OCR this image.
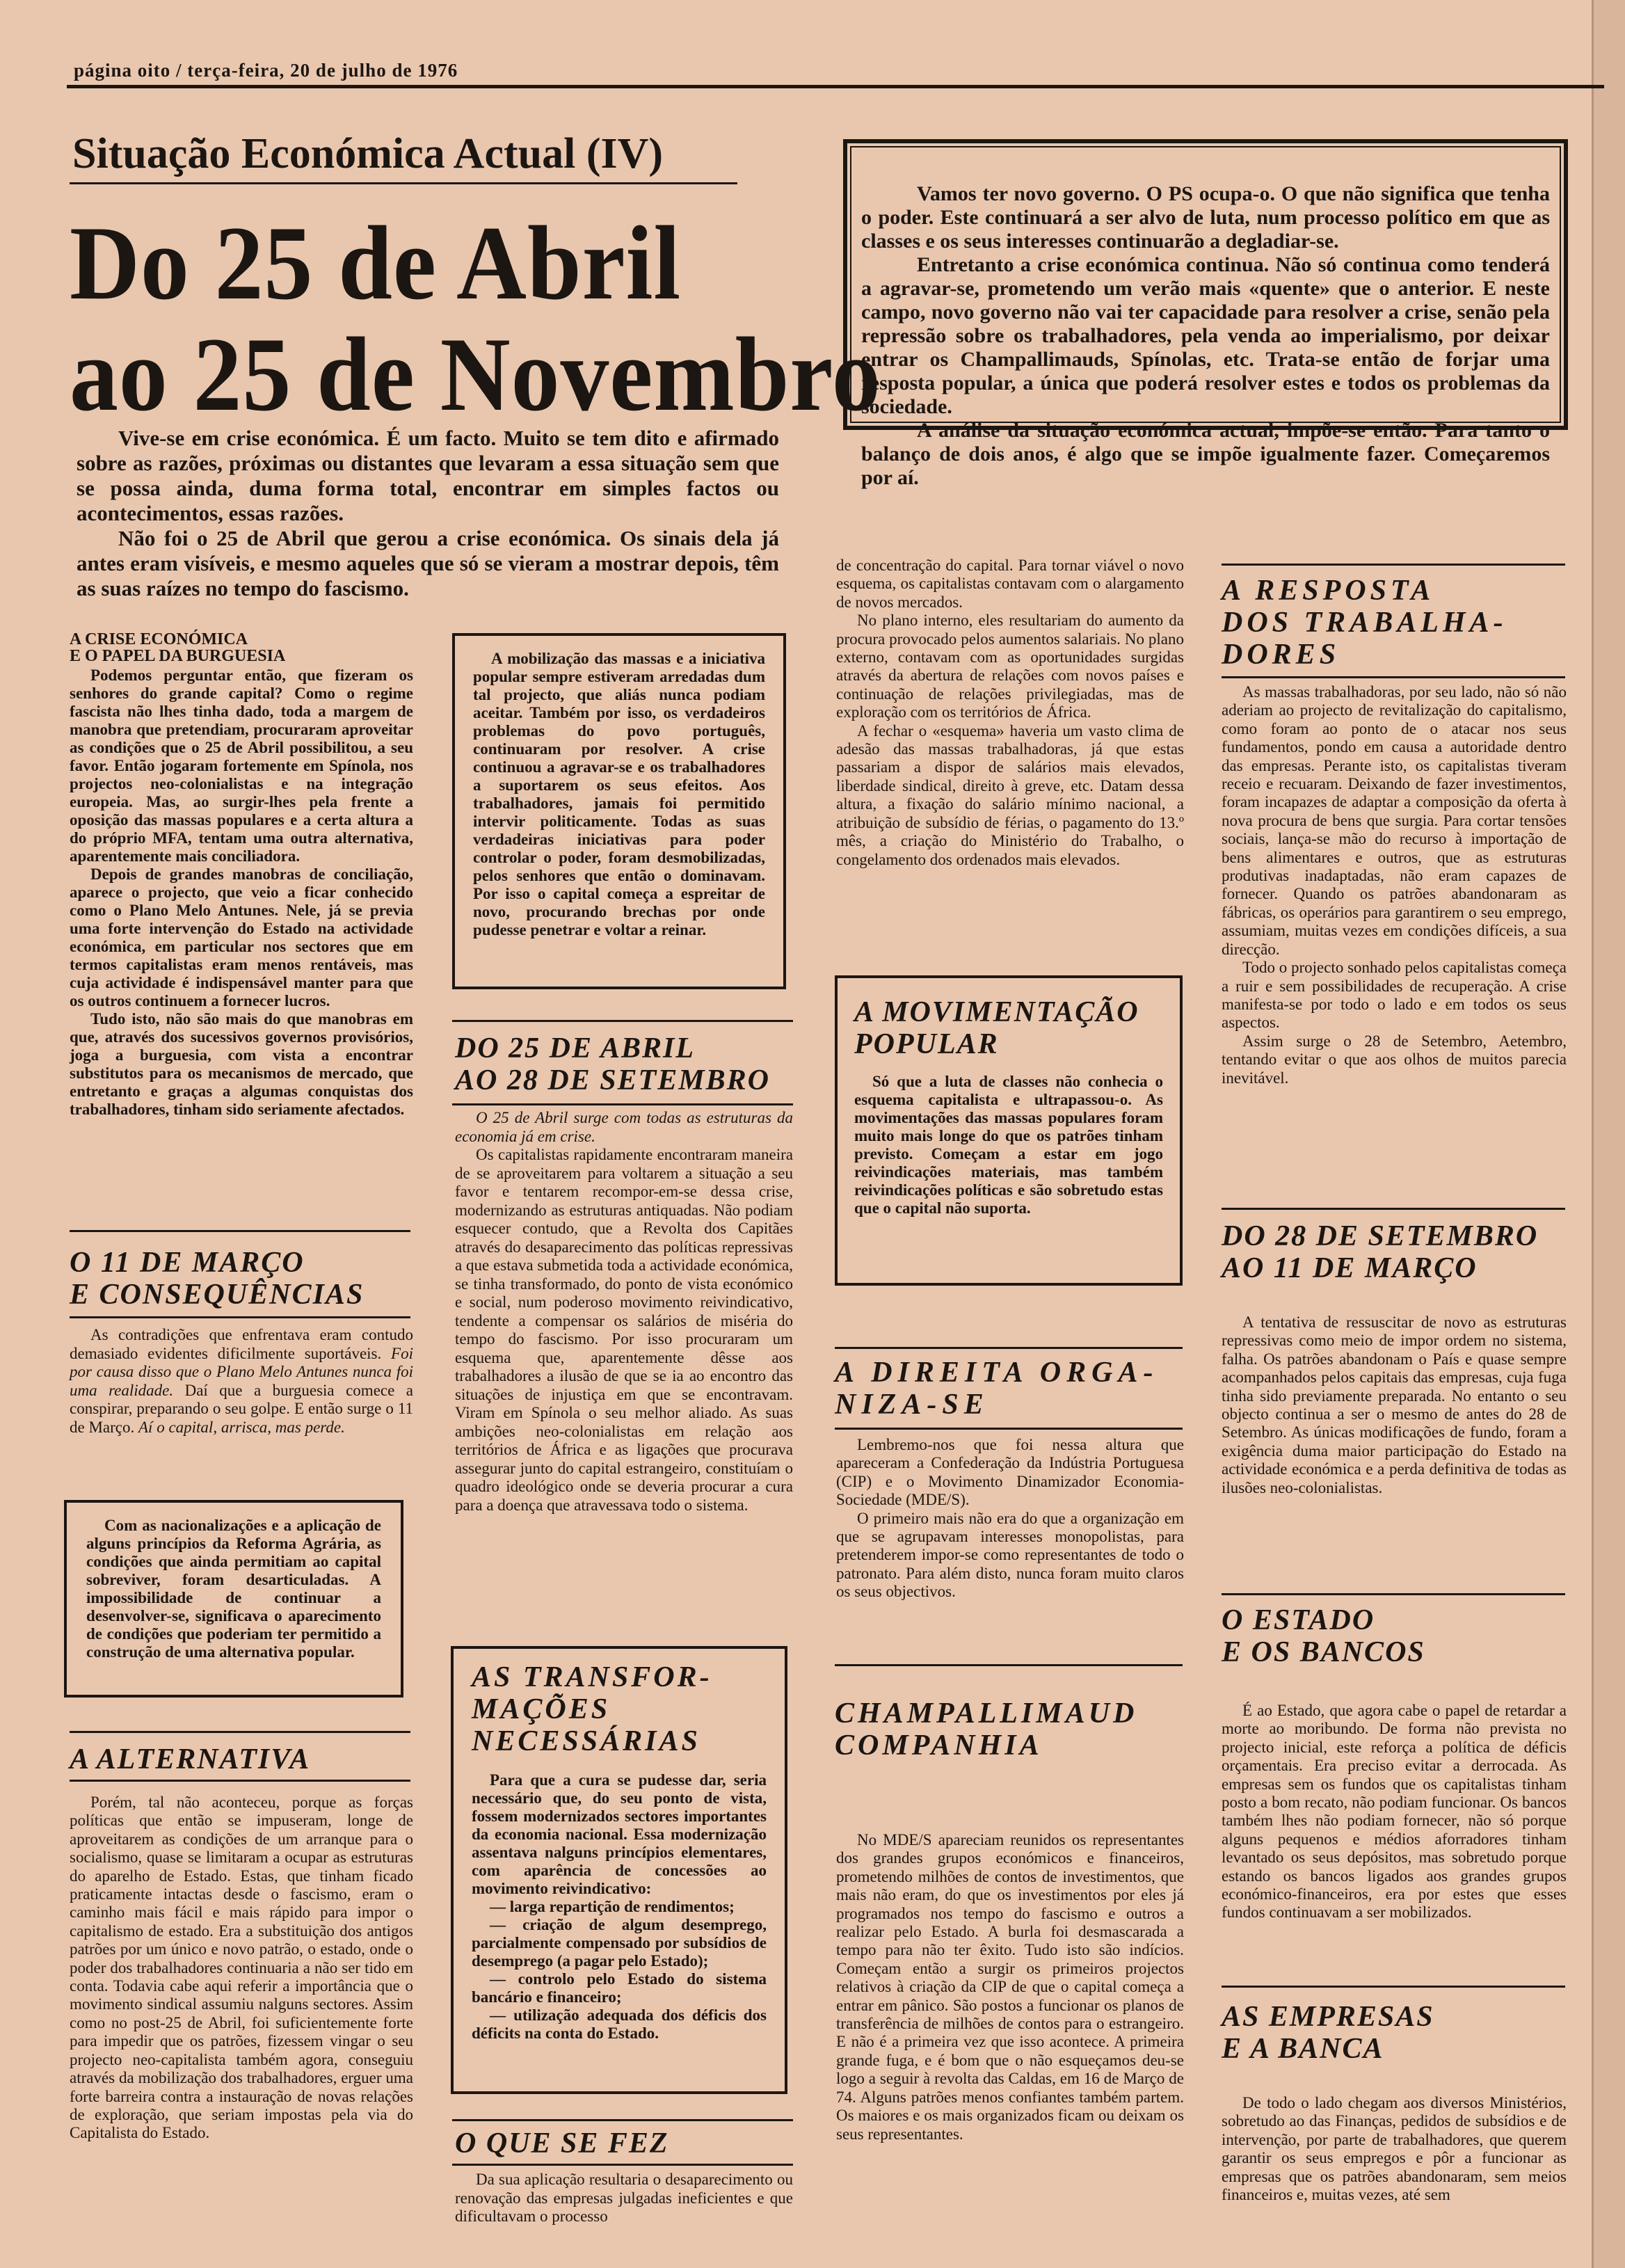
página oito / terça-feira, 20 de julho de 1976
Situação Económica Actual (IV)
Do 25 de Abril
ao 25 de Novembro

Vive-se em crise económica. É um facto. Muito se tem dito e afirmado sobre as razões, próximas ou distantes que levaram a essa situação sem que se possa ainda, duma forma total, encontrar em simples factos ou acontecimentos, essas razões.

Não foi o 25 de Abril que gerou a crise económica. Os sinais dela já antes eram visíveis, e mesmo aqueles que só se vieram a mostrar depois, têm as suas raízes no tempo do fascismo.

Vamos ter novo governo. O PS ocupa-o. O que não significa que tenha o poder. Este continuará a ser alvo de luta, num processo político em que as classes e os seus interesses continuarão a degladiar-se.

Entretanto a crise económica continua. Não só continua como tenderá a agravar-se, prometendo um verão mais «quente» que o anterior. E neste campo, novo governo não vai ter capacidade para resolver a crise, senão pela repressão sobre os trabalhadores, pela venda ao imperialismo, por deixar entrar os Champallimauds, Spínolas, etc. Trata-se então de forjar uma resposta popular, a única que poderá resolver estes e todos os problemas da sociedade.

A análise da situação económica actual, impõe-se então. Para tanto o balanço de dois anos, é algo que se impõe igualmente fazer. Começaremos por aí.

A CRISE ECONÓMICA
E O PAPEL DA BURGUESIA

Podemos perguntar então, que fizeram os senhores do grande capital? Como o regime fascista não lhes tinha dado, toda a margem de manobra que pretendiam, procuraram aproveitar as condições que o 25 de Abril possibilitou, a seu favor. Então jogaram fortemente em Spínola, nos projectos neo-colonialistas e na integração europeia. Mas, ao surgir-lhes pela frente a oposição das massas populares e a certa altura a do próprio MFA, tentam uma outra alternativa, aparentemente mais conciliadora.

Depois de grandes manobras de conciliação, aparece o projecto, que veio a ficar conhecido como o Plano Melo Antunes. Nele, já se previa uma forte intervenção do Estado na actividade económica, em particular nos sectores que em termos capitalistas eram menos rentáveis, mas cuja actividade é indispensável manter para que os outros continuem a fornecer lucros.

Tudo isto, não são mais do que manobras em que, através dos sucessivos governos provisórios, joga a burguesia, com vista a encontrar substitutos para os mecanismos de mercado, que entretanto e graças a algumas conquistas dos trabalhadores, tinham sido seriamente afectados.

O 11 DE MARÇO
E CONSEQUÊNCIAS

As contradições que enfrentava eram contudo demasiado evidentes dificilmente suportáveis. Foi por causa disso que o Plano Melo Antunes nunca foi uma realidade. Daí que a burguesia comece a conspirar, preparando o seu golpe. E então surge o 11 de Março. Aí o capital, arrisca, mas perde.

Com as nacionalizações e a aplicação de alguns princípios da Reforma Agrária, as condições que ainda permitiam ao capital sobreviver, foram desarticuladas. A impossibilidade de continuar a desenvolver-se, significava o aparecimento de condições que poderiam ter permitido a construção de uma alternativa popular.

A ALTERNATIVA

Porém, tal não aconteceu, porque as forças políticas que então se impuseram, longe de aproveitarem as condições de um arranque para o socialismo, quase se limitaram a ocupar as estruturas do aparelho de Estado. Estas, que tinham ficado praticamente intactas desde o fascismo, eram o caminho mais fácil e mais rápido para impor o capitalismo de estado. Era a substituição dos antigos patrões por um único e novo patrão, o estado, onde o poder dos trabalhadores continuaria a não ser tido em conta. Todavia cabe aqui referir a importância que o movimento sindical assumiu nalguns sectores. Assim como no post-25 de Abril, foi suficientemente forte para impedir que os patrões, fizessem vingar o seu projecto neo-capitalista também agora, conseguiu através da mobilização dos trabalhadores, erguer uma forte barreira contra a instauração de novas relações de exploração, que seriam impostas pela via do Capitalista do Estado.

A mobilização das massas e a iniciativa popular sempre estiveram arredadas dum tal projecto, que aliás nunca podiam aceitar. Também por isso, os verdadeiros problemas do povo português, continuaram por resolver. A crise continuou a agravar-se e os trabalhadores a suportarem os seus efeitos. Aos trabalhadores, jamais foi permitido intervir politicamente. Todas as suas verdadeiras iniciativas para poder controlar o poder, foram desmobilizadas, pelos senhores que então o dominavam. Por isso o capital começa a espreitar de novo, procurando brechas por onde pudesse penetrar e voltar a reinar.

DO 25 DE ABRIL
AO 28 DE SETEMBRO

O 25 de Abril surge com todas as estruturas da economia já em crise.

Os capitalistas rapidamente encontraram maneira de se aproveitarem para voltarem a situação a seu favor e tentarem recompor-em-se dessa crise, modernizando as estruturas antiquadas. Não podiam esquecer contudo, que a Revolta dos Capitães através do desaparecimento das políticas repressivas a que estava submetida toda a actividade económica, se tinha transformado, do ponto de vista económico e social, num poderoso movimento reivindicativo, tendente a compensar os salários de miséria do tempo do fascismo. Por isso procuraram um esquema que, aparentemente dêsse aos trabalhadores a ilusão de que se ia ao encontro das situações de injustiça em que se encontravam. Viram em Spínola o seu melhor aliado. As suas ambições neo-colonialistas em relação aos territórios de África e as ligações que procurava assegurar junto do capital estrangeiro, constituíam o quadro ideológico onde se deveria procurar a cura para a doença que atravessava todo o sistema.

AS TRANSFOR-
MAÇÕES
NECESSÁRIAS

Para que a cura se pudesse dar, seria necessário que, do seu ponto de vista, fossem modernizados sectores importantes da economia nacional. Essa modernização assentava nalguns princípios elementares, com aparência de concessões ao movimento reivindicativo:

— larga repartição de rendimentos;

— criação de algum desemprego, parcialmente compensado por subsídios de desemprego (a pagar pelo Estado);

— controlo pelo Estado do sistema bancário e financeiro;

— utilização adequada dos déficis dos déficits na conta do Estado.

O QUE SE FEZ

Da sua aplicação resultaria o desaparecimento ou renovação das empresas julgadas ineficientes e que dificultavam o processo

de concentração do capital. Para tornar viável o novo esquema, os capitalistas contavam com o alargamento de novos mercados.

No plano interno, eles resultariam do aumento da procura provocado pelos aumentos salariais. No plano externo, contavam com as oportunidades surgidas através da abertura de relações com novos países e continuação de relações privilegiadas, mas de exploração com os territórios de África.

A fechar o «esquema» haveria um vasto clima de adesão das massas trabalhadoras, já que estas passariam a dispor de salários mais elevados, liberdade sindical, direito à greve, etc. Datam dessa altura, a fixação do salário mínimo nacional, a atribuição de subsídio de férias, o pagamento do 13.º mês, a criação do Ministério do Trabalho, o congelamento dos ordenados mais elevados.

A MOVIMENTAÇÃO
POPULAR

Só que a luta de classes não conhecia o esquema capitalista e ultrapassou-o. As movimentações das massas populares foram muito mais longe do que os patrões tinham previsto. Começam a estar em jogo reivindicações materiais, mas também reivindicações políticas e são sobretudo estas que o capital não suporta.

A DIREITA ORGA-
NIZA-SE

Lembremo-nos que foi nessa altura que apareceram a Confederação da Indústria Portuguesa (CIP) e o Movimento Dinamizador Economia-Sociedade (MDE/S).

O primeiro mais não era do que a organização em que se agrupavam interesses monopolistas, para pretenderem impor-se como representantes de todo o patronato. Para além disto, nunca foram muito claros os seus objectivos.

CHAMPALLIMAUD
COMPANHIA

No MDE/S apareciam reunidos os representantes dos grandes grupos económicos e financeiros, prometendo milhões de contos de investimentos, que mais não eram, do que os investimentos por eles já programados nos tempo do fascismo e outros a realizar pelo Estado. A burla foi desmascarada a tempo para não ter êxito. Tudo isto são indícios. Começam então a surgir os primeiros projectos relativos à criação da CIP de que o capital começa a entrar em pânico. São postos a funcionar os planos de transferência de milhões de contos para o estrangeiro. E não é a primeira vez que isso acontece. A primeira grande fuga, e é bom que o não esqueçamos deu-se logo a seguir à revolta das Caldas, em 16 de Março de 74. Alguns patrões menos confiantes também partem. Os maiores e os mais organizados ficam ou deixam os seus representantes.

A RESPOSTA
DOS TRABALHA-
DORES

As massas trabalhadoras, por seu lado, não só não aderiam ao projecto de revitalização do capitalismo, como foram ao ponto de o atacar nos seus fundamentos, pondo em causa a autoridade dentro das empresas. Perante isto, os capitalistas tiveram receio e recuaram. Deixando de fazer investimentos, foram incapazes de adaptar a composição da oferta à nova procura de bens que surgia. Para cortar tensões sociais, lança-se mão do recurso à importação de bens alimentares e outros, que as estruturas produtivas inadaptadas, não eram capazes de fornecer. Quando os patrões abandonaram as fábricas, os operários para garantirem o seu emprego, assumiam, muitas vezes em condições difíceis, a sua direcção.

Todo o projecto sonhado pelos capitalistas começa a ruir e sem possibilidades de recuperação. A crise manifesta-se por todo o lado e em todos os seus aspectos.

Assim surge o 28 de Setembro, Aetembro, tentando evitar o que aos olhos de muitos parecia inevitável.

DO 28 DE SETEMBRO
AO 11 DE MARÇO

A tentativa de ressuscitar de novo as estruturas repressivas como meio de impor ordem no sistema, falha. Os patrões abandonam o País e quase sempre acompanhados pelos capitais das empresas, cuja fuga tinha sido previamente preparada. No entanto o seu objecto continua a ser o mesmo de antes do 28 de Setembro. As únicas modificações de fundo, foram a exigência duma maior participação do Estado na actividade económica e a perda definitiva de todas as ilusões neo-colonialistas.

O ESTADO
E OS BANCOS

É ao Estado, que agora cabe o papel de retardar a morte ao moribundo. De forma não prevista no projecto inicial, este reforça a política de déficis orçamentais. Era preciso evitar a derrocada. As empresas sem os fundos que os capitalistas tinham posto a bom recato, não podiam funcionar. Os bancos também lhes não podiam fornecer, não só porque alguns pequenos e médios aforradores tinham levantado os seus depósitos, mas sobretudo porque estando os bancos ligados aos grandes grupos económico-financeiros, era por estes que esses fundos continuavam a ser mobilizados.

AS EMPRESAS
E A BANCA

De todo o lado chegam aos diversos Ministérios, sobretudo ao das Finanças, pedidos de subsídios e de intervenção, por parte de trabalhadores, que querem garantir os seus empregos e pôr a funcionar as empresas que os patrões abandonaram, sem meios financeiros e, muitas vezes, até sem
